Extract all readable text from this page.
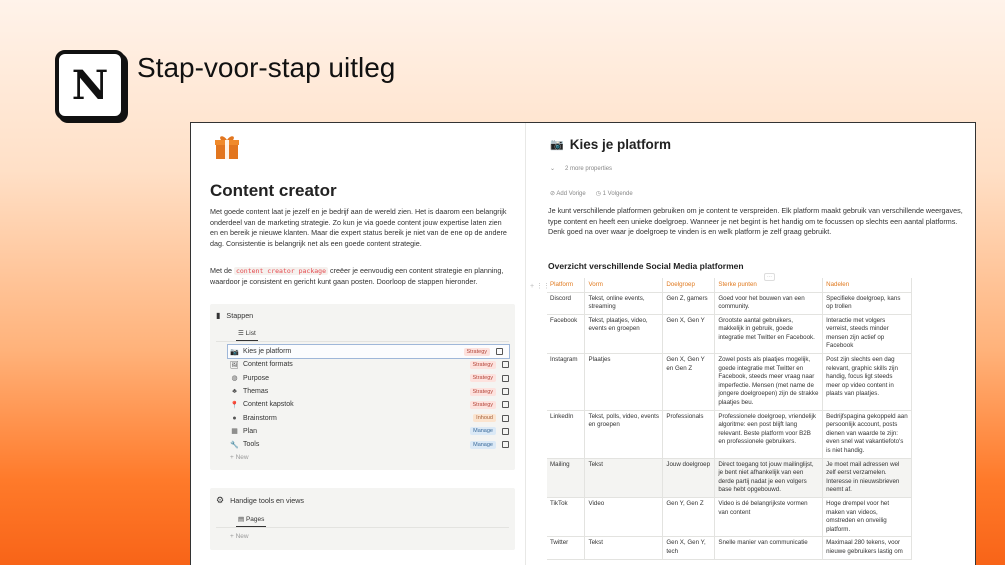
N	Stap-voor-stap uitleg
Content creator
Met goede content laat je jezelf en je bedrijf aan de wereld zien. Het is daarom een belangrijk onderdeel van de marketing strategie. Zo kun je via goede content jouw expertise laten zien en en bereik je nieuwe klanten. Maar die expert status bereik je niet van de ene op de andere dag. Consistentie is belangrijk net als een goede content strategie.
Met de content creator package creëer je eenvoudig een content strategie en planning, waardoor je consistent en gericht kunt gaan posten. Doorloop de stappen hieronder.
▮ Stappen
☰ List
📷 Kies je platform	Strategy
🖼 Content formats	Strategy
◍ Purpose	Strategy
♣ Themas	Strategy
📍 Content kapstok	Strategy
● Brainstorm	Inhoud
▦ Plan	Manage
🔧 Tools	Manage
+ New
⚙ Handige tools en views
▤ Pages
+ New
📷 Kies je platform
⌄ 2 more properties
⊘ Add Vorige ◷ 1 Volgende
Je kunt verschillende platformen gebruiken om je content te verspreiden. Elk platform maakt gebruik van verschillende weergaves, type content en heeft een unieke doelgroep. Wanneer je net begint is het handig om te focussen op slechts een aantal platforms. Denk goed na over waar je doelgroep te vinden is en welk platform je zelf graag gebruikt.
Overzicht verschillende Social Media platformen
+ ⋮⋮
⋯
Platform	Vorm	Doelgroep	Sterke punten	Nadelen
Discord	Tekst, online events, streaming	Gen Z, gamers	Goed voor het bouwen van een community.	Specifieke doelgroep, kans op trollen
Facebook	Tekst, plaatjes, video, events en groepen	Gen X, Gen Y	Grootste aantal gebruikers, makkelijk in gebruik, goede integratie met Twitter en Facebook.	Interactie met volgers verreist, steeds minder mensen zijn actief op Facebook
Instagram	Plaatjes	Gen X, Gen Y en Gen Z	Zowel posts als plaatjes mogelijk, goede integratie met Twitter en Facebook, steeds meer vraag naar imperfectie. Mensen (met name de jongere doelgroepen) zijn de strakke plaatjes beu.	Post zijn slechts een dag relevant, graphic skills zijn handig, focus ligt steeds meer op video content in plaats van plaatjes.
LinkedIn	Tekst, polls, video, events en groepen	Professionals	Professionele doelgroep, vriendelijk algoritme: een post blijft lang relevant. Beste platform voor B2B en professionele gebruikers.	Bedrijfspagina gekoppeld aan persoonlijk account, posts dienen van waarde te zijn: even snel wat vakantiefoto's is niet handig.
Mailing	Tekst	Jouw doelgroep	Direct toegang tot jouw mailinglijst, je bent niet afhankelijk van een derde partij nadat je een volgers base hebt opgebouwd.	Je moet mail adressen wel zelf eerst verzamelen. Interesse in nieuwsbrieven neemt af.
TikTok	Video	Gen Y, Gen Z	Video is dé belangrijkste vormen van content	Hoge drempel voor het maken van videos, omstreden en onveilig platform.
Twitter	Tekst	Gen X, Gen Y, tech	Snelle manier van communicatie	Maximaal 280 tekens, voor nieuwe gebruikers lastig om
